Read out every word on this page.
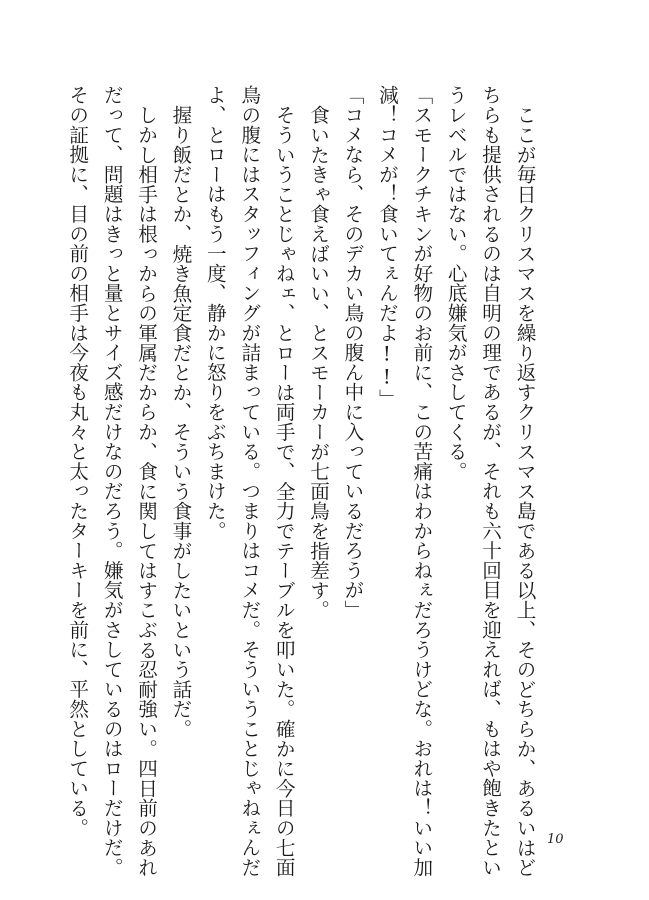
ここが毎日クリスマスを繰り返すクリスマス島である以上、そのどちらか、あるいはど
ちらも提供されるのは自明の理であるが、それも六十回目を迎えれば、もはや飽きたとい
うレベルではない。心底嫌気がさしてくる。
「スモークチキンが好物のお前に、この苦痛はわからねぇだろうけどな。おれは！いい加
減！コメが！食いてぇんだよ!!」
「コメなら、そのデカい鳥の腹ん中に入っているだろうが」
食いたきゃ食えばいい、とスモーカーが七面鳥を指差す。
そういうことじゃねェ、とローは両手で、全力でテーブルを叩いた。確かに今日の七面
鳥の腹にはスタッフィングが詰まっている。つまりはコメだ。そういうことじゃねぇんだ
よ、とローはもう一度、静かに怒りをぶちまけた。
握り飯だとか、焼き魚定食だとか、そういう食事がしたいという話だ。
しかし相手は根っからの軍属だからか、食に関してはすこぶる忍耐強い。四日前のあれ
だって、問題はきっと量とサイズ感だけなのだろう。嫌気がさしているのはローだけだ。
その証拠に、目の前の相手は今夜も丸々と太ったターキーを前に、平然としている。
10
